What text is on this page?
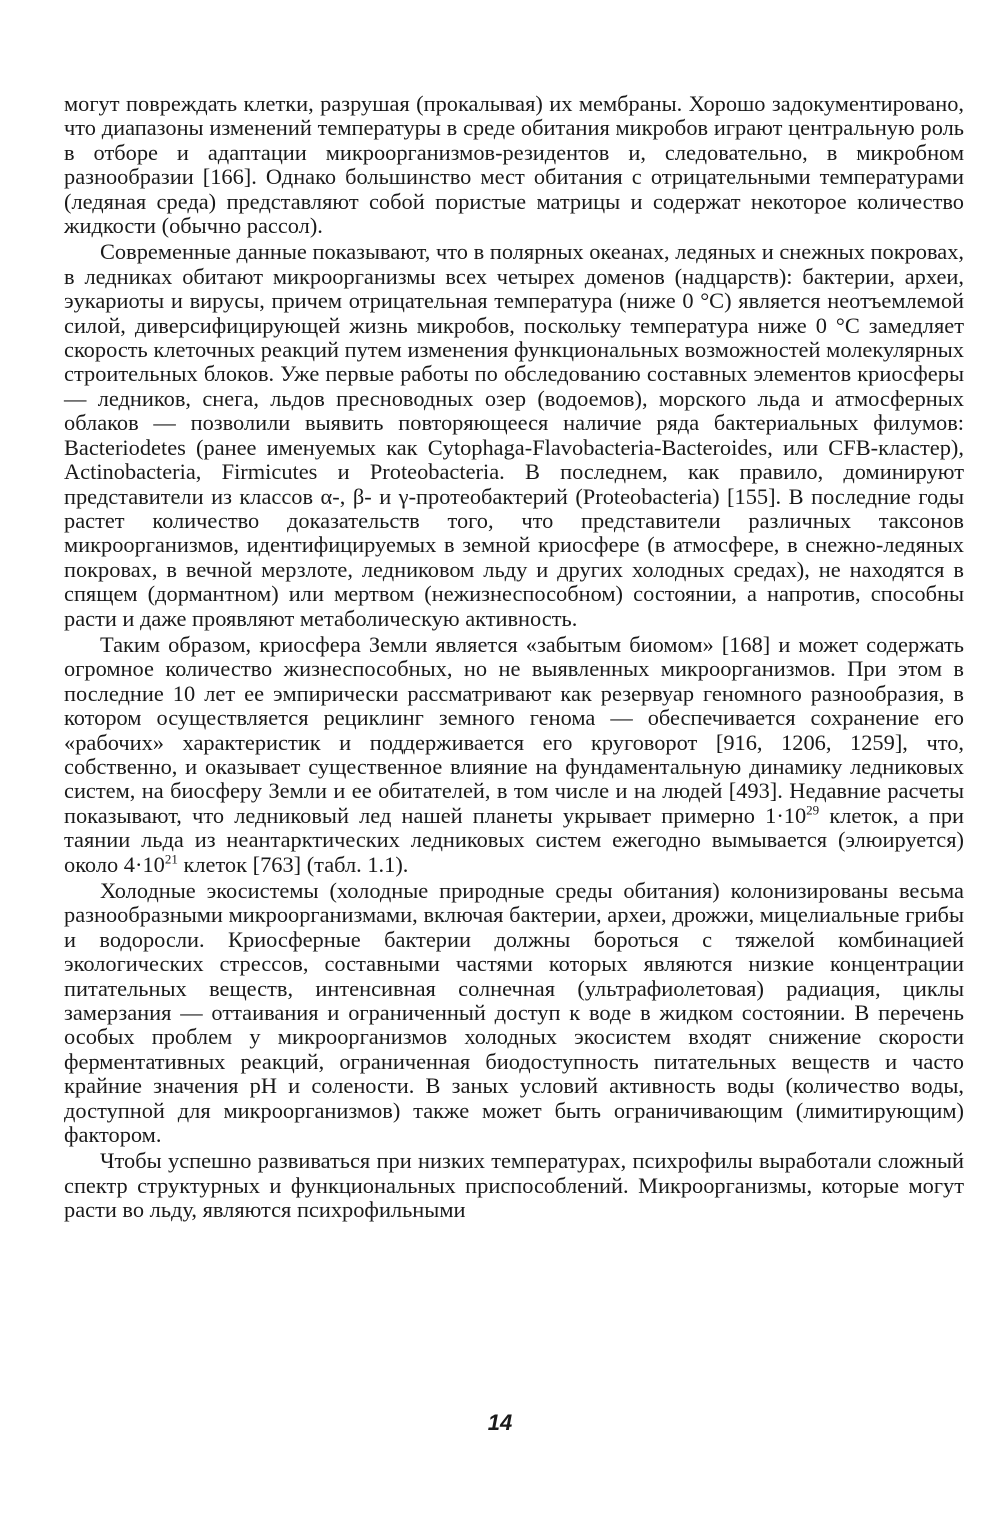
могут повреждать клетки, разрушая (прокалывая) их мембраны. Хорошо задокументировано, что диапазоны изменений температуры в среде обитания микробов играют центральную роль в отборе и адаптации микроорганизмов-резидентов и, следовательно, в микробном разнообразии [166]. Однако большинство мест обитания с отрицательными температурами (ледяная среда) представляют собой пористые матрицы и содержат некоторое количество жидкости (обычно рассол).

Современные данные показывают, что в полярных океанах, ледяных и снежных покровах, в ледниках обитают микроорганизмы всех четырех доменов (надцарств): бактерии, археи, эукариоты и вирусы, причем отрицательная температура (ниже 0 °С) является неотъемлемой силой, диверсифицирующей жизнь микробов, поскольку температура ниже 0 °С замедляет скорость клеточных реакций путем изменения функциональных возможностей молекулярных строительных блоков. Уже первые работы по обследованию составных элементов криосферы — ледников, снега, льдов пресноводных озер (водоемов), морского льда и атмосферных облаков — позволили выявить повторяющееся наличие ряда бактериальных филумов: Bacteriodetes (ранее именуемых как Cytophaga-Flavobacteria-Bacteroides, или CFB-кластер), Actinobacteria, Firmicutes и Proteobacteria. В последнем, как правило, доминируют представители из классов α-, β- и γ-протеобактерий (Proteobacteria) [155]. В последние годы растет количество доказательств того, что представители различных таксонов микроорганизмов, идентифицируемых в земной криосфере (в атмосфере, в снежно-ледяных покровах, в вечной мерзлоте, ледниковом льду и других холодных средах), не находятся в спящем (дормантном) или мертвом (нежизнеспособном) состоянии, а напротив, способны расти и даже проявляют метаболическую активность.

Таким образом, криосфера Земли является «забытым биомом» [168] и может содержать огромное количество жизнеспособных, но не выявленных микроорганизмов. При этом в последние 10 лет ее эмпирически рассматривают как резервуар геномного разнообразия, в котором осуществляется рециклинг земного генома — обеспечивается сохранение его «рабочих» характеристик и поддерживается его круговорот [916, 1206, 1259], что, собственно, и оказывает существенное влияние на фундаментальную динамику ледниковых систем, на биосферу Земли и ее обитателей, в том числе и на людей [493]. Недавние расчеты показывают, что ледниковый лед нашей планеты укрывает примерно $1\cdot 10^{29}$ клеток, а при таянии льда из неантарктических ледниковых систем ежегодно вымывается (элюируется) около $4\cdot 10^{21}$ клеток [763] (табл. 1.1).

Холодные экосистемы (холодные природные среды обитания) колонизированы весьма разнообразными микроорганизмами, включая бактерии, археи, дрожжи, мицелиальные грибы и водоросли. Криосферные бактерии должны бороться с тяжелой комбинацией экологических стрессов, составными частями которых являются низкие концентрации питательных веществ, интенсивная солнечная (ультрафиолетовая) радиация, циклы замерзания — оттаивания и ограниченный доступ к воде в жидком состоянии. В перечень особых проблем у микроорганизмов холодных экосистем входят снижение скорости ферментативных реакций, ограниченная биодоступность питательных веществ и часто крайние значения pH и солености. В заных условий активность воды (количество воды, доступной для микроорганизмов) также может быть ограничивающим (лимитирующим) фактором.

Чтобы успешно развиваться при низких температурах, психрофилы выработали сложный спектр структурных и функциональных приспособлений. Микроорганизмы, которые могут расти во льду, являются психрофильными

14
